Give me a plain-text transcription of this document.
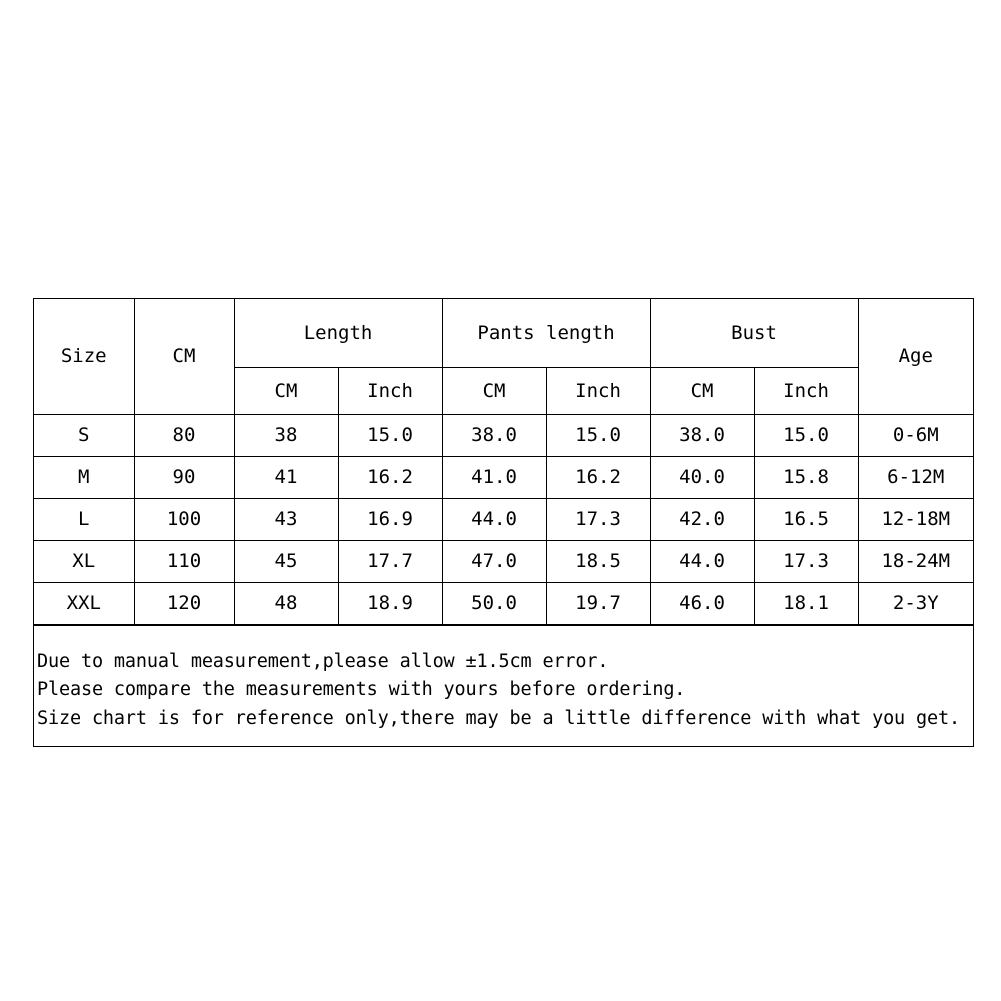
Size	CM	Length		Pants length		Bust		Age
		CM	Inch	CM	Inch	CM	Inch	
S	80	38	15.0	38.0	15.0	38.0	15.0	0-6M
M	90	41	16.2	41.0	16.2	40.0	15.8	6-12M
L	100	43	16.9	44.0	17.3	42.0	16.5	12-18M
XL	110	45	17.7	47.0	18.5	44.0	17.3	18-24M
XXL	120	48	18.9	50.0	19.7	46.0	18.1	2-3Y
Due to manual measurement,please allow ±1.5cm error.
Please compare the measurements with yours before ordering.
Size chart is for reference only,there may be a little difference with what you get.
